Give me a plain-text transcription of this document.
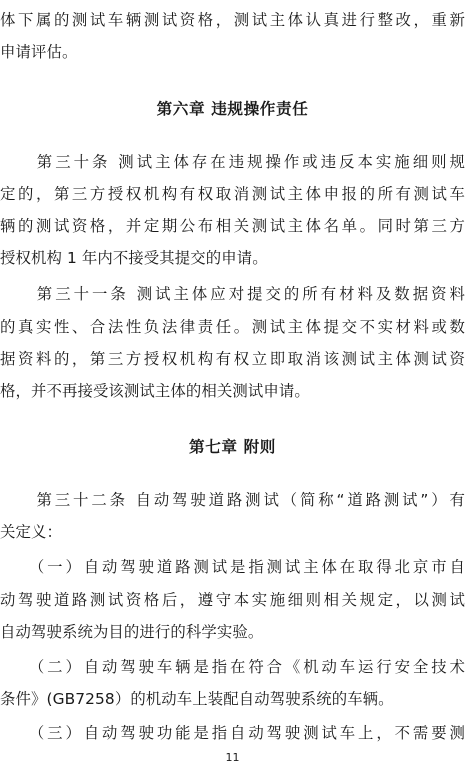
体下属的测试车辆测试资格，测试主体认真进行整改，重新
申请评估。
第六章 违规操作责任
　　第三十条 测试主体存在违规操作或违反本实施细则规
定的，第三方授权机构有权取消测试主体申报的所有测试车
辆的测试资格，并定期公布相关测试主体名单。同时第三方
授权机构 1 年内不接受其提交的申请。
　　第三十一条 测试主体应对提交的所有材料及数据资料
的真实性、合法性负法律责任。测试主体提交不实材料或数
据资料的，第三方授权机构有权立即取消该测试主体测试资
格，并不再接受该测试主体的相关测试申请。
第七章 附则
　　第三十二条 自动驾驶道路测试（简称“道路测试”）有
关定义：
　　（一）自动驾驶道路测试是指测试主体在取得北京市自
动驾驶道路测试资格后，遵守本实施细则相关规定，以测试
自动驾驶系统为目的进行的科学实验。
　　（二）自动驾驶车辆是指在符合《机动车运行安全技术
条件》(GB7258）的机动车上装配自动驾驶系统的车辆。
　　（三）自动驾驶功能是指自动驾驶测试车上，不需要测
11
